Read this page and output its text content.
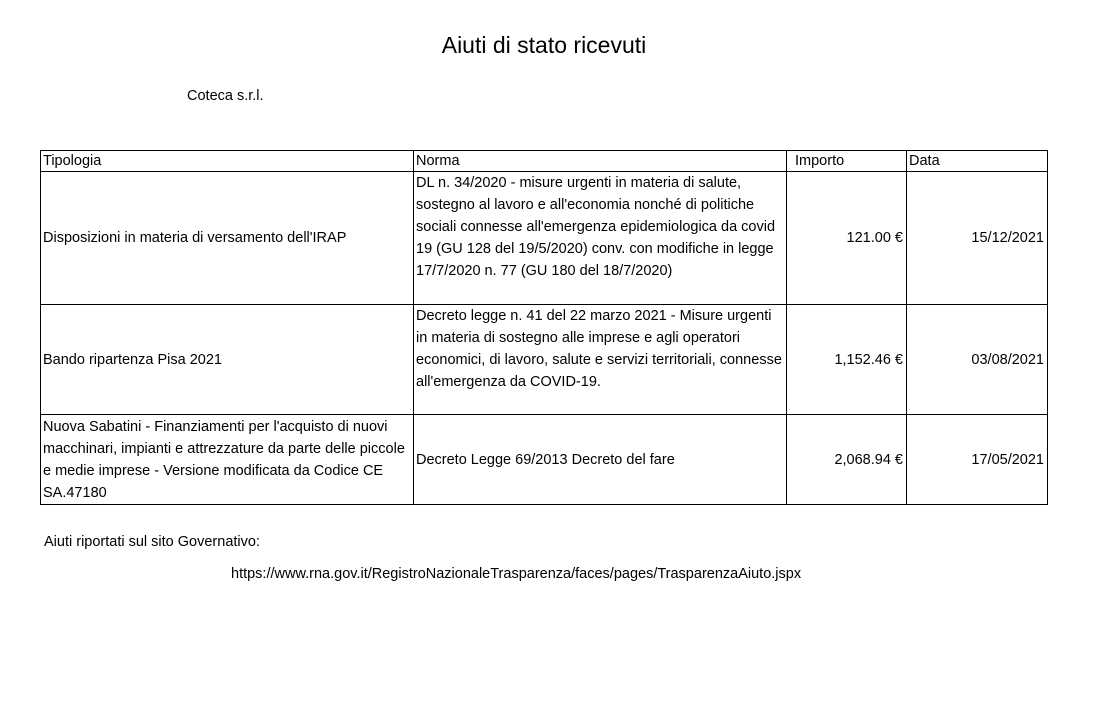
Aiuti di stato ricevuti
Coteca s.r.l.
Tipologia	Norma	Importo	Data
Disposizioni in materia di versamento dell'IRAP	DL n. 34/2020 - misure urgenti in materia di salute, sostegno al lavoro e all'economia nonché di politiche sociali connesse all'emergenza epidemiologica da covid 19 (GU 128 del 19/5/2020) conv. con modifiche in legge 17/7/2020 n. 77 (GU 180 del 18/7/2020)	121.00 €	15/12/2021
Bando ripartenza Pisa 2021	Decreto legge n. 41 del 22 marzo 2021 - Misure urgenti in materia di sostegno alle imprese e agli operatori economici, di lavoro, salute e servizi territoriali, connesse all'emergenza da COVID-19.	1,152.46 €	03/08/2021
Nuova Sabatini - Finanziamenti per l'acquisto di nuovi macchinari, impianti e attrezzature da parte delle piccole e medie imprese - Versione modificata da Codice CE SA.47180	Decreto Legge 69/2013 Decreto del fare	2,068.94 €	17/05/2021
Aiuti riportati sul sito Governativo:
https://www.rna.gov.it/RegistroNazionaleTrasparenza/faces/pages/TrasparenzaAiuto.jspx
